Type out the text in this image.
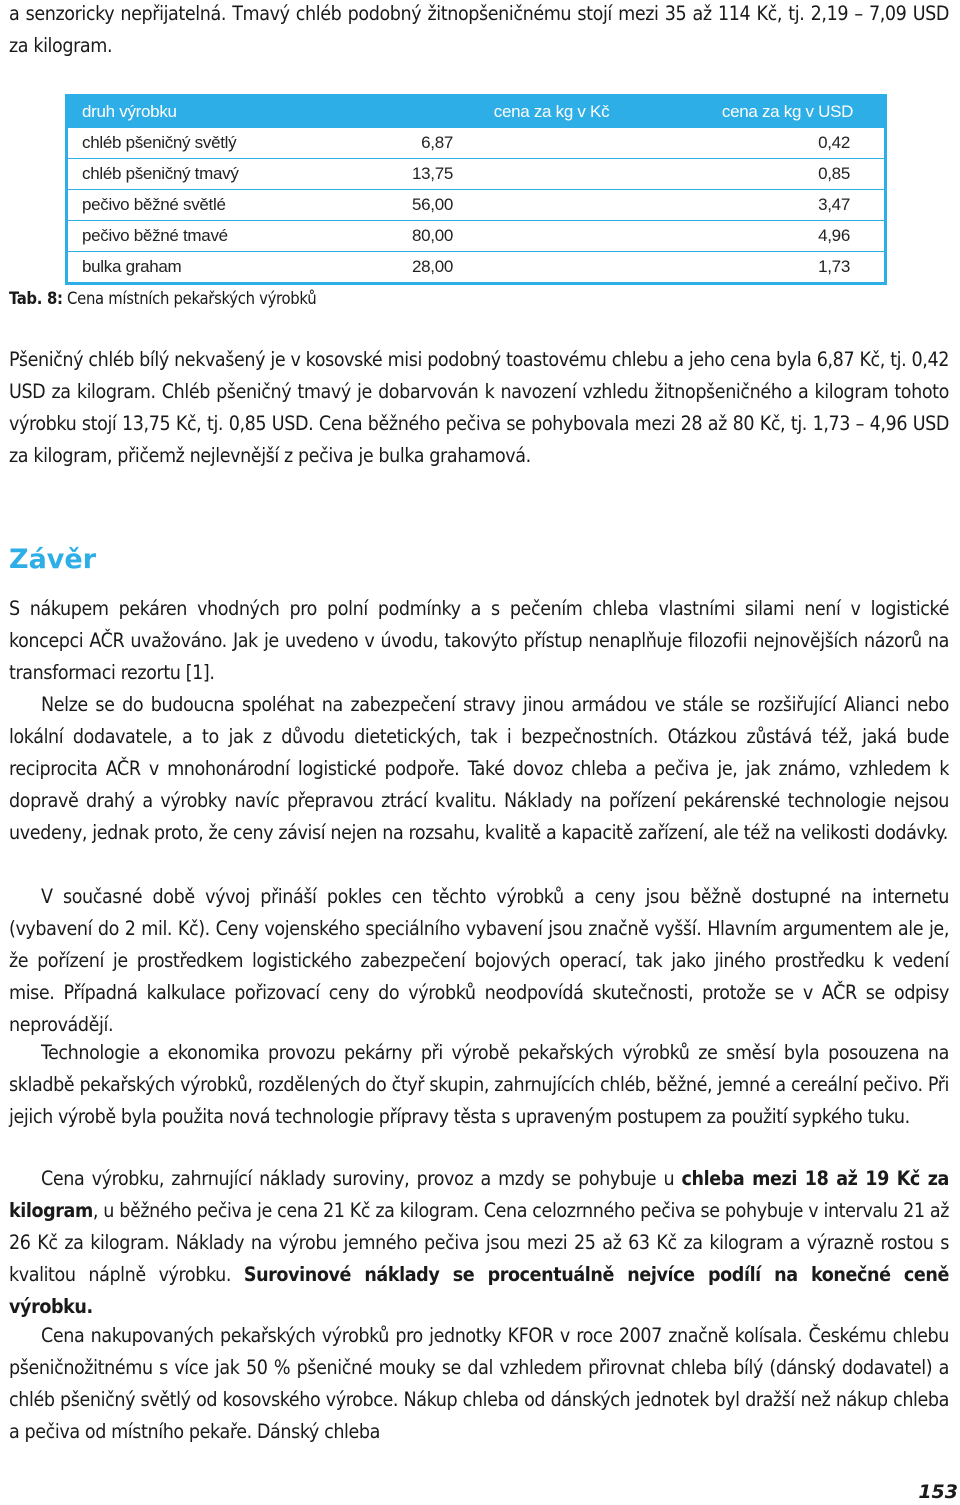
a senzoricky nepřijatelná. Tmavý chléb podobný žitnopšeničnému stojí mezi 35 až 114 Kč, tj. 2,19 – 7,09 USD za kilogram.

druh výrobku	cena za kg v Kč	cena za kg v USD
chléb pšeničný světlý	6,87	0,42
chléb pšeničný tmavý	13,75	0,85
pečivo běžné světlé	56,00	3,47
pečivo běžné tmavé	80,00	4,96
bulka graham	28,00	1,73
Tab. 8: Cena místních pekařských výrobků

Pšeničný chléb bílý nekvašený je v kosovské misi podobný toastovému chlebu a jeho cena byla 6,87 Kč, tj. 0,42 USD za kilogram. Chléb pšeničný tmavý je dobarvován k navození vzhledu žitnopšeničného a kilogram tohoto výrobku stojí 13,75 Kč, tj. 0,85 USD. Cena běžného pečiva se pohybovala mezi 28 až 80 Kč, tj. 1,73 – 4,96 USD za kilogram, přičemž nejlevnější z pečiva je bulka grahamová.

Závěr

S nákupem pekáren vhodných pro polní podmínky a s pečením chleba vlastními silami není v logistické koncepci AČR uvažováno. Jak je uvedeno v úvodu, takovýto přístup nenaplňuje filozofii nejnovějších názorů na transformaci rezortu [1].

Nelze se do budoucna spoléhat na zabezpečení stravy jinou armádou ve stále se rozšiřující Alianci nebo lokální dodavatele, a to jak z důvodu dietetických, tak i bezpečnostních. Otázkou zůstává též, jaká bude reciprocita AČR v mnohonárodní logistické podpoře. Také dovoz chleba a pečiva je, jak známo, vzhledem k dopravě drahý a výrobky navíc přepravou ztrácí kvalitu. Náklady na pořízení pekárenské technologie nejsou uvedeny, jednak proto, že ceny závisí nejen na rozsahu, kvalitě a kapacitě zařízení, ale též na velikosti dodávky.

V současné době vývoj přináší pokles cen těchto výrobků a ceny jsou běžně dostupné na internetu (vybavení do 2 mil. Kč). Ceny vojenského speciálního vybavení jsou značně vyšší. Hlavním argumentem ale je, že pořízení je prostředkem logistického zabezpečení bojových operací, tak jako jiného prostředku k vedení mise. Případná kalkulace pořizovací ceny do výrobků neodpovídá skutečnosti, protože se v AČR se odpisy neprovádějí.

Technologie a ekonomika provozu pekárny při výrobě pekařských výrobků ze směsí byla posouzena na skladbě pekařských výrobků, rozdělených do čtyř skupin, zahrnujících chléb, běžné, jemné a cereální pečivo. Při jejich výrobě byla použita nová technologie přípravy těsta s upraveným postupem za použití sypkého tuku.

Cena výrobku, zahrnující náklady suroviny, provoz a mzdy se pohybuje u chleba mezi 18 až 19 Kč za kilogram, u běžného pečiva je cena 21 Kč za kilogram. Cena celozrnného pečiva se pohybuje v intervalu 21 až 26 Kč za kilogram. Náklady na výrobu jemného pečiva jsou mezi 25 až 63 Kč za kilogram a výrazně rostou s kvalitou náplně výrobku. Surovinové náklady se procentuálně nejvíce podílí na konečné ceně výrobku.

Cena nakupovaných pekařských výrobků pro jednotky KFOR v roce 2007 značně kolísala. Českému chlebu pšeničnožitnému s více jak 50 % pšeničné mouky se dal vzhledem přirovnat chleba bílý (dánský dodavatel) a chléb pšeničný světlý od kosovského výrobce. Nákup chleba od dánských jednotek byl dražší než nákup chleba a pečiva od místního pekaře. Dánský chleba

153
